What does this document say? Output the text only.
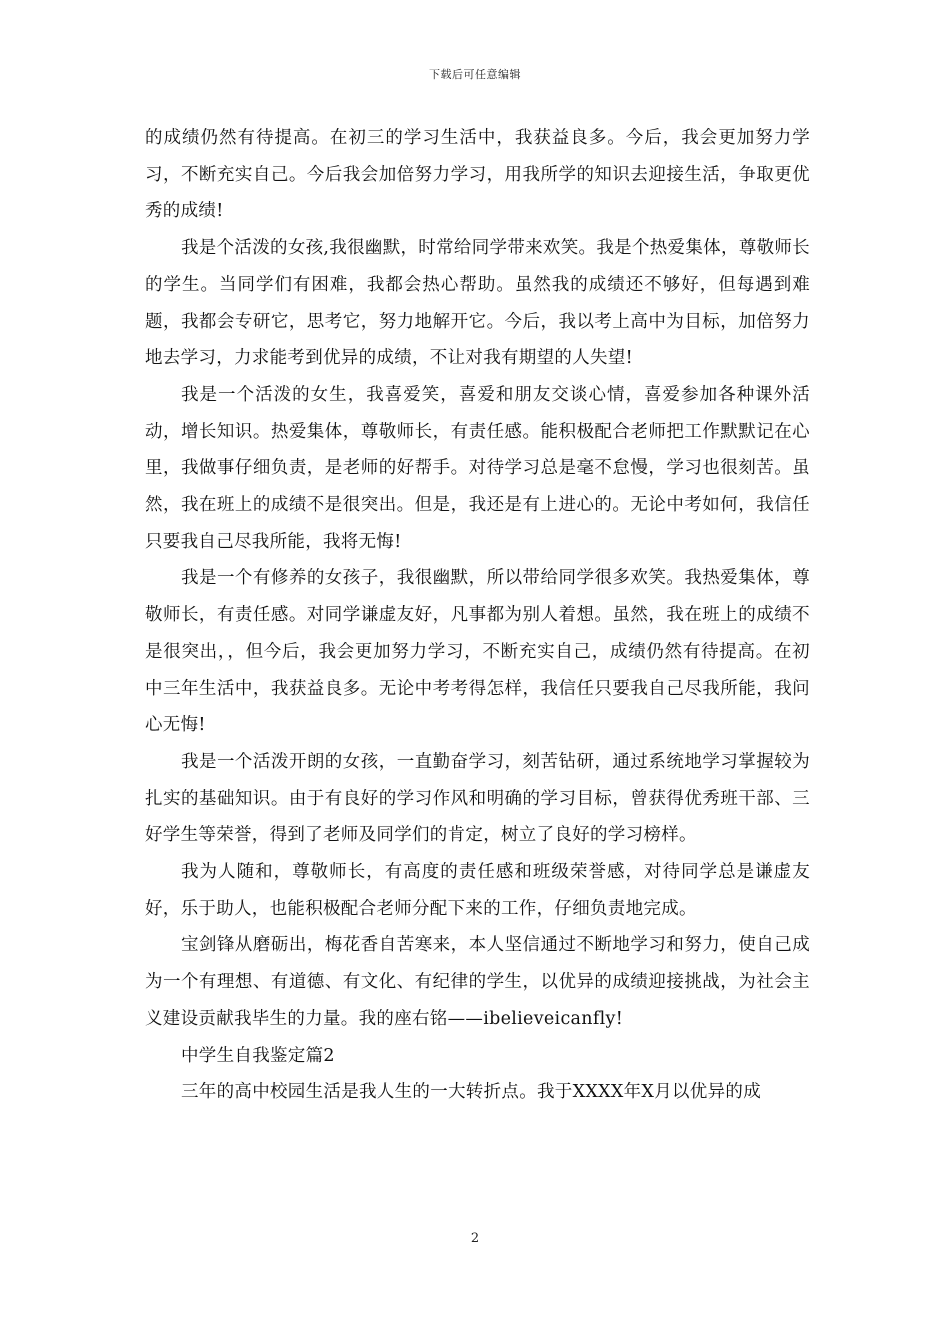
下载后可任意编辑

的成绩仍然有待提高。在初三的学习生活中，我获益良多。今后，我会更加努力学习，不断充实自己。今后我会加倍努力学习，用我所学的知识去迎接生活，争取更优秀的成绩!

我是个活泼的女孩,我很幽默，时常给同学带来欢笑。我是个热爱集体，尊敬师长的学生。当同学们有困难，我都会热心帮助。虽然我的成绩还不够好，但每遇到难题，我都会专研它，思考它，努力地解开它。今后，我以考上高中为目标，加倍努力地去学习，力求能考到优异的成绩，不让对我有期望的人失望!

我是一个活泼的女生，我喜爱笑，喜爱和朋友交谈心情，喜爱参加各种课外活动，增长知识。热爱集体，尊敬师长，有责任感。能积极配合老师把工作默默记在心里，我做事仔细负责，是老师的好帮手。对待学习总是毫不怠慢，学习也很刻苦。虽然，我在班上的成绩不是很突出。但是，我还是有上进心的。无论中考如何，我信任只要我自己尽我所能，我将无悔!

我是一个有修养的女孩子，我很幽默，所以带给同学很多欢笑。我热爱集体，尊敬师长，有责任感。对同学谦虚友好，凡事都为别人着想。虽然，我在班上的成绩不是很突出，，但今后，我会更加努力学习，不断充实自己，成绩仍然有待提高。在初中三年生活中，我获益良多。无论中考考得怎样，我信任只要我自己尽我所能，我问心无悔!

我是一个活泼开朗的女孩，一直勤奋学习，刻苦钻研，通过系统地学习掌握较为扎实的基础知识。由于有良好的学习作风和明确的学习目标，曾获得优秀班干部、三好学生等荣誉，得到了老师及同学们的肯定，树立了良好的学习榜样。

我为人随和，尊敬师长，有高度的责任感和班级荣誉感，对待同学总是谦虚友好，乐于助人，也能积极配合老师分配下来的工作，仔细负责地完成。

宝剑锋从磨砺出，梅花香自苦寒来，本人坚信通过不断地学习和努力，使自己成为一个有理想、有道德、有文化、有纪律的学生，以优异的成绩迎接挑战，为社会主义建设贡献我毕生的力量。我的座右铭——ibelieveicanfly!

中学生自我鉴定篇2

三年的高中校园生活是我人生的一大转折点。我于XXXX年X月以优异的成

2
